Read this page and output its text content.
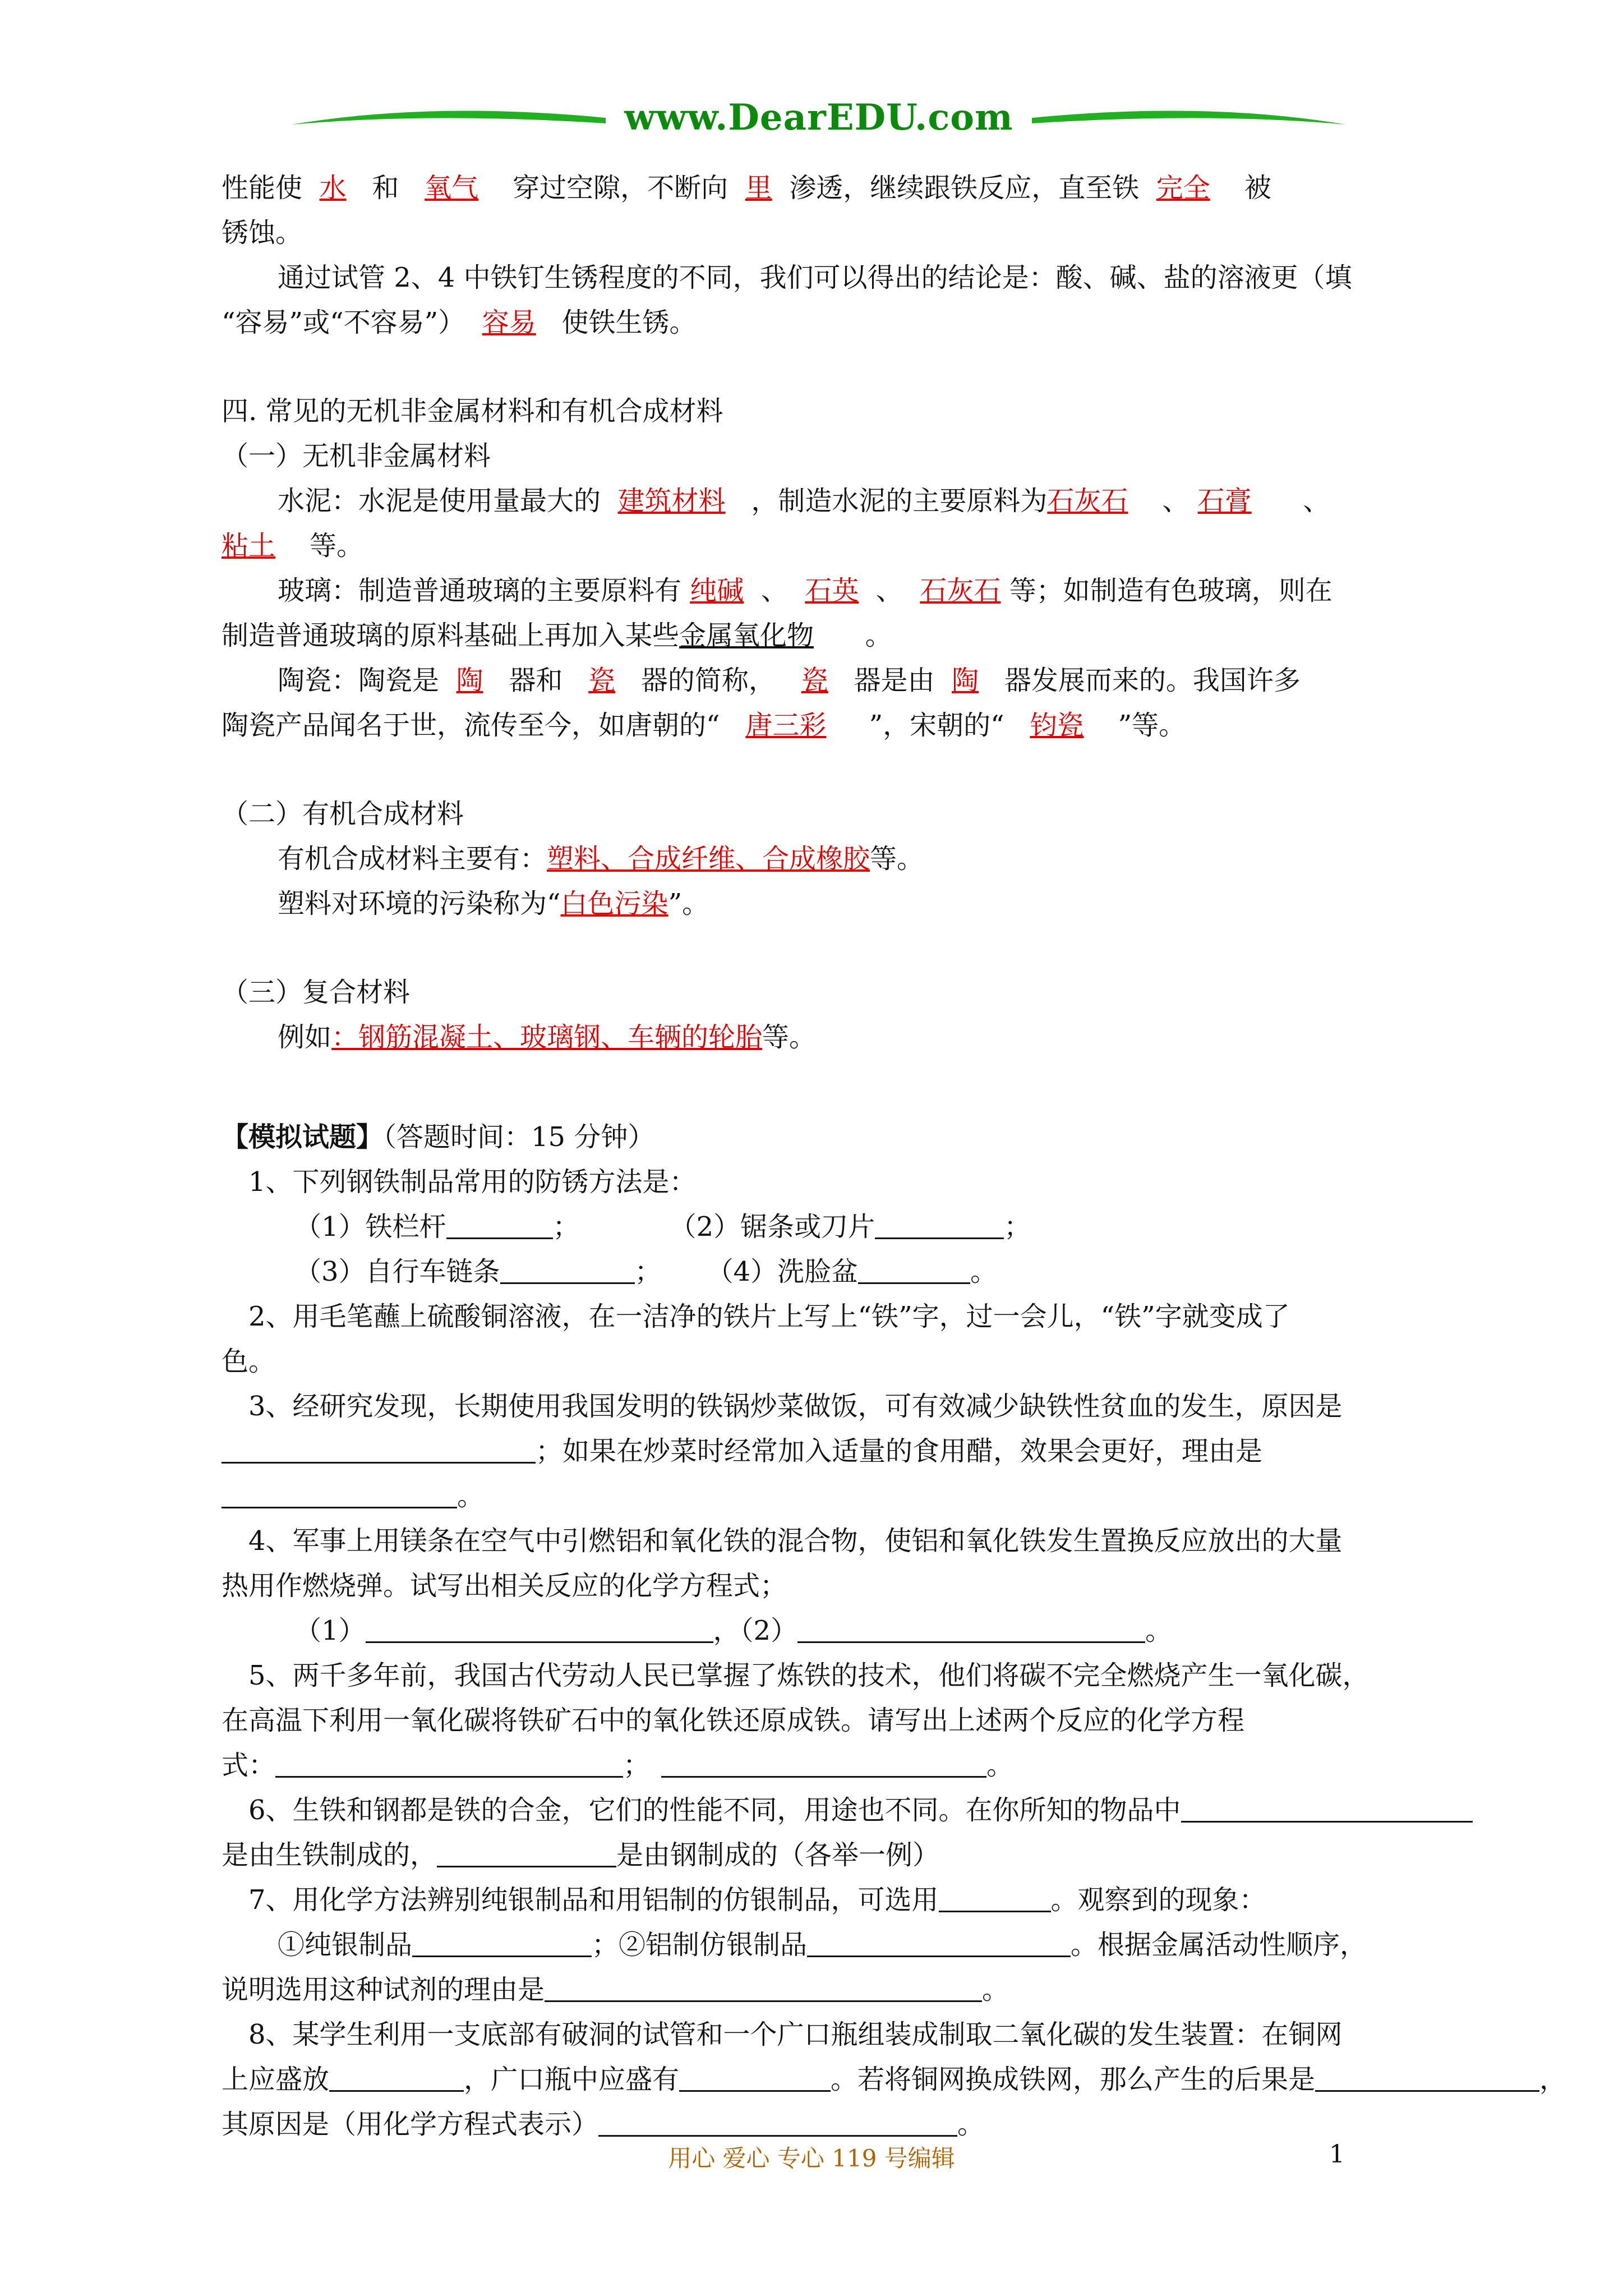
www.DearEDU.com

性能使 水 和 氧气 穿过空隙，不断向 里 渗透，继续跟铁反应，直至铁 完全 被

锈蚀。

通过试管 2、4 中铁钉生锈程度的不同，我们可以得出的结论是：酸、碱、盐的溶液更（填

“容易”或“不容易”） 容易 使铁生锈。

四. 常见的无机非金属材料和有机合成材料

（一）无机非金属材料

水泥：水泥是使用量最大的 建筑材料 ，制造水泥的主要原料为石灰石 、 石膏 、

粘土 等。

玻璃：制造普通玻璃的主要原料有 纯碱 、 石英 、 石灰石 等；如制造有色玻璃，则在

制造普通玻璃的原料基础上再加入某些金属氧化物 。

陶瓷：陶瓷是 陶 器和 瓷 器的简称， 瓷 器是由 陶 器发展而来的。我国许多

陶瓷产品闻名于世，流传至今，如唐朝的“ 唐三彩 ”，宋朝的“ 钧瓷 ”等。

（二）有机合成材料

有机合成材料主要有：塑料、合成纤维、合成橡胶等。

塑料对环境的污染称为“白色污染”。

（三）复合材料

例如：钢筋混凝土、玻璃钢、车辆的轮胎等。

【模拟试题】（答题时间：15 分钟）

1、下列钢铁制品常用的防锈方法是：

（1）铁栏杆	；	（2）锯条或刀片	；

（3）自行车链条	； （4）洗脸盆	。

2、用毛笔蘸上硫酸铜溶液，在一洁净的铁片上写上“铁”字，过一会儿，“铁”字就变成了

色。

3、经研究发现，长期使用我国发明的铁锅炒菜做饭，可有效减少缺铁性贫血的发生，原因是

；如果在炒菜时经常加入适量的食用醋，效果会更好，理由是

。

4、军事上用镁条在空气中引燃铝和氧化铁的混合物，使铝和氧化铁发生置换反应放出的大量

热用作燃烧弹。试写出相关反应的化学方程式；

（1）	，（2）	。

5、两千多年前，我国古代劳动人民已掌握了炼铁的技术，他们将碳不完全燃烧产生一氧化碳，

在高温下利用一氧化碳将铁矿石中的氧化铁还原成铁。请写出上述两个反应的化学方程

式：	；	。

6、生铁和钢都是铁的合金，它们的性能不同，用途也不同。在你所知的物品中

是由生铁制成的，	是由钢制成的（各举一例）

7、用化学方法辨别纯银制品和用铝制的仿银制品，可选用	。观察到的现象：

①纯银制品	；②铝制仿银制品	。根据金属活动性顺序，

说明选用这种试剂的理由是	。

8、某学生利用一支底部有破洞的试管和一个广口瓶组装成制取二氧化碳的发生装置：在铜网

上应盛放	，广口瓶中应盛有	。若将铜网换成铁网，那么产生的后果是	，

其原因是（用化学方程式表示）	。

用心 爱心 专心 119 号编辑	1
